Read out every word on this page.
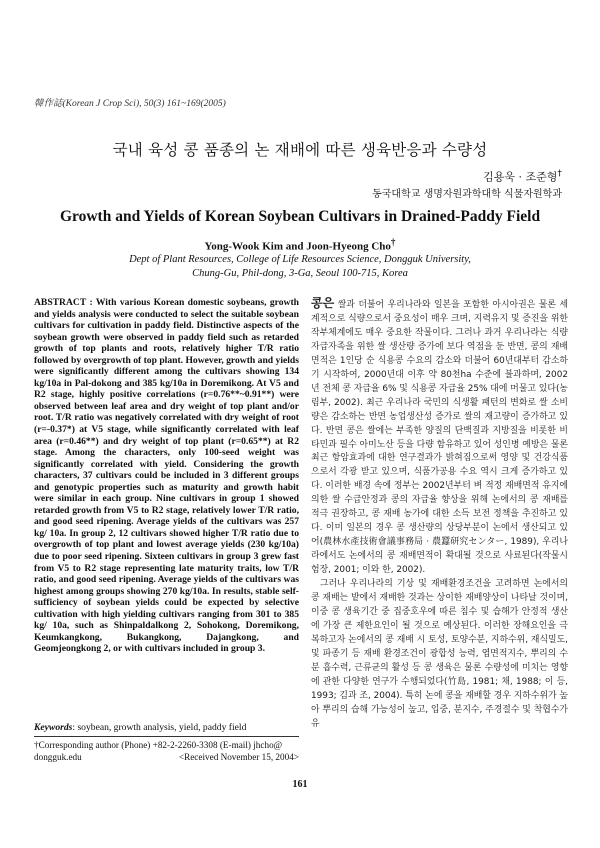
韓作誌(Korean J Crop Sci), 50(3) 161~169(2005)
국내 육성 콩 품종의 논 재배에 따른 생육반응과 수량성
김용욱 · 조준형†
동국대학교 생명자원과학대학 식물자원학과
Growth and Yields of Korean Soybean Cultivars in Drained-Paddy Field
Yong-Wook Kim and Joon-Hyeong Cho†
Dept of Plant Resources, College of Life Resources Science, Dongguk University,
Chung-Gu, Phil-dong, 3-Ga, Seoul 100-715, Korea

ABSTRACT : With various Korean domestic soybeans, growth and yields analysis were conducted to select the suitable soybean cultivars for cultivation in paddy field. Distinctive aspects of the soybean growth were observed in paddy field such as retarded growth of top plants and roots, relatively higher T/R ratio followed by overgrowth of top plant. However, growth and yields were significantly different among the cultivars showing 134 kg/10a in Pal-dokong and 385 kg/10a in Doremikong. At V5 and R2 stage, highly positive correlations (r=0.76**~0.91**) were observed between leaf area and dry weight of top plant and/or root. T/R ratio was negatively correlated with dry weight of root (r=-0.37*) at V5 stage, while significantly correlated with leaf area (r=0.46**) and dry weight of top plant (r=0.65**) at R2 stage. Among the characters, only 100-seed weight was significantly correlated with yield. Considering the growth characters, 37 cultivars could be included in 3 different groups and genotypic properties such as maturity and growth habit were similar in each group. Nine cultivars in group 1 showed retarded growth from V5 to R2 stage, relatively lower T/R ratio, and good seed ripening. Average yields of the cultivars was 257 kg/ 10a. In group 2, 12 cultivars showed higher T/R ratio due to overgrowth of top plant and lowest average yields (230 kg/10a) due to poor seed ripening. Sixteen cultivars in group 3 grew fast from V5 to R2 stage representing late maturity traits, low T/R ratio, and good seed ripening. Average yields of the cultivars was highest among groups showing 270 kg/10a. In results, stable self-sufficiency of soybean yields could be expected by selective cultivation with high yielding cultivars ranging from 301 to 385 kg/ 10a, such as Shinpaldalkong 2, Sohokong, Doremikong, Keumkangkong, Bukangkong, Dajangkong, and Geomjeongkong 2, or with cultivars included in group 3.

Keywords: soybean, growth analysis, yield, paddy field
†Corresponding author (Phone) +82-2-2260-3308 (E-mail) jhcho@
dongguk.edu	<Received November 15, 2004>

콩은 쌀과 더불어 우리나라와 일본을 포함한 아시아권은 물론 세계적으로 식량으로서 중요성이 매우 크며, 지력유지 및 증진을 위한 작부체계에도 매우 중요한 작물이다. 그러나 과거 우리나라는 식량자급자족을 위한 쌀 생산량 증가에 보다 역점을 둔 반면, 콩의 재배면적은 1인당 순 식용콩 수요의 감소와 더불어 60년대부터 감소하기 시작하여, 2000년대 이후 약 80천ha 수준에 불과하며, 2002년 전체 콩 자급율 6% 및 식용콩 자급율 25% 대에 머물고 있다(농림부, 2002). 최근 우리나라 국민의 식생활 패턴의 변화로 쌀 소비량은 감소하는 반면 농업생산성 증가로 쌀의 재고량이 증가하고 있다. 반면 콩은 쌀에는 부족한 양질의 단백질과 지방질을 비롯한 비타민과 필수 아미노산 등을 다량 함유하고 있어 성인병 예방은 물론 최근 항암효과에 대한 연구결과가 밝혀짐으로써 영양 및 건강식품으로서 각광 받고 있으며, 식품가공용 수요 역시 크게 증가하고 있다. 이러한 배경 속에 정부는 2002년부터 벼 적정 재배면적 유지에 의한 쌀 수급안정과 콩의 자급율 향상을 위해 논에서의 콩 재배를 적극 권장하고, 콩 재배 농가에 대한 소득 보전 정책을 추진하고 있다. 이미 일본의 경우 콩 생산량의 상당부분이 논에서 생산되고 있어(農林水產技術會議事務局 · 農蠶研究センター, 1989), 우리나라에서도 논에서의 콩 재배면적이 확대될 것으로 사료된다(작물시험장, 2001; 이와 한, 2002).

그러나 우리나라의 기상 및 재배환경조건을 고려하면 논에서의 콩 재배는 밭에서 재배한 것과는 상이한 재배양상이 나타날 것이며, 이중 콩 생육기간 중 집중호우에 따른 침수 및 습해가 안정적 생산에 가장 큰 제한요인이 될 것으로 예상된다. 이러한 장해요인을 극복하고자 논에서의 콩 재배 시 토성, 토양수분, 지하수위, 재식밀도, 및 파종기 등 재배 환경조건이 광합성 능력, 엽면적지수, 뿌리의 수분 흡수력, 근류균의 활성 등 콩 생육은 물론 수량성에 미치는 영향에 관한 다양한 연구가 수행되었다(竹島, 1981; 채, 1988; 이 등, 1993; 김과 조, 2004). 특히 논에 콩을 재배할 경우 지하수위가 높아 뿌리의 습해 가능성이 높고, 입중, 분지수, 주경절수 및 착협수가 유

161
